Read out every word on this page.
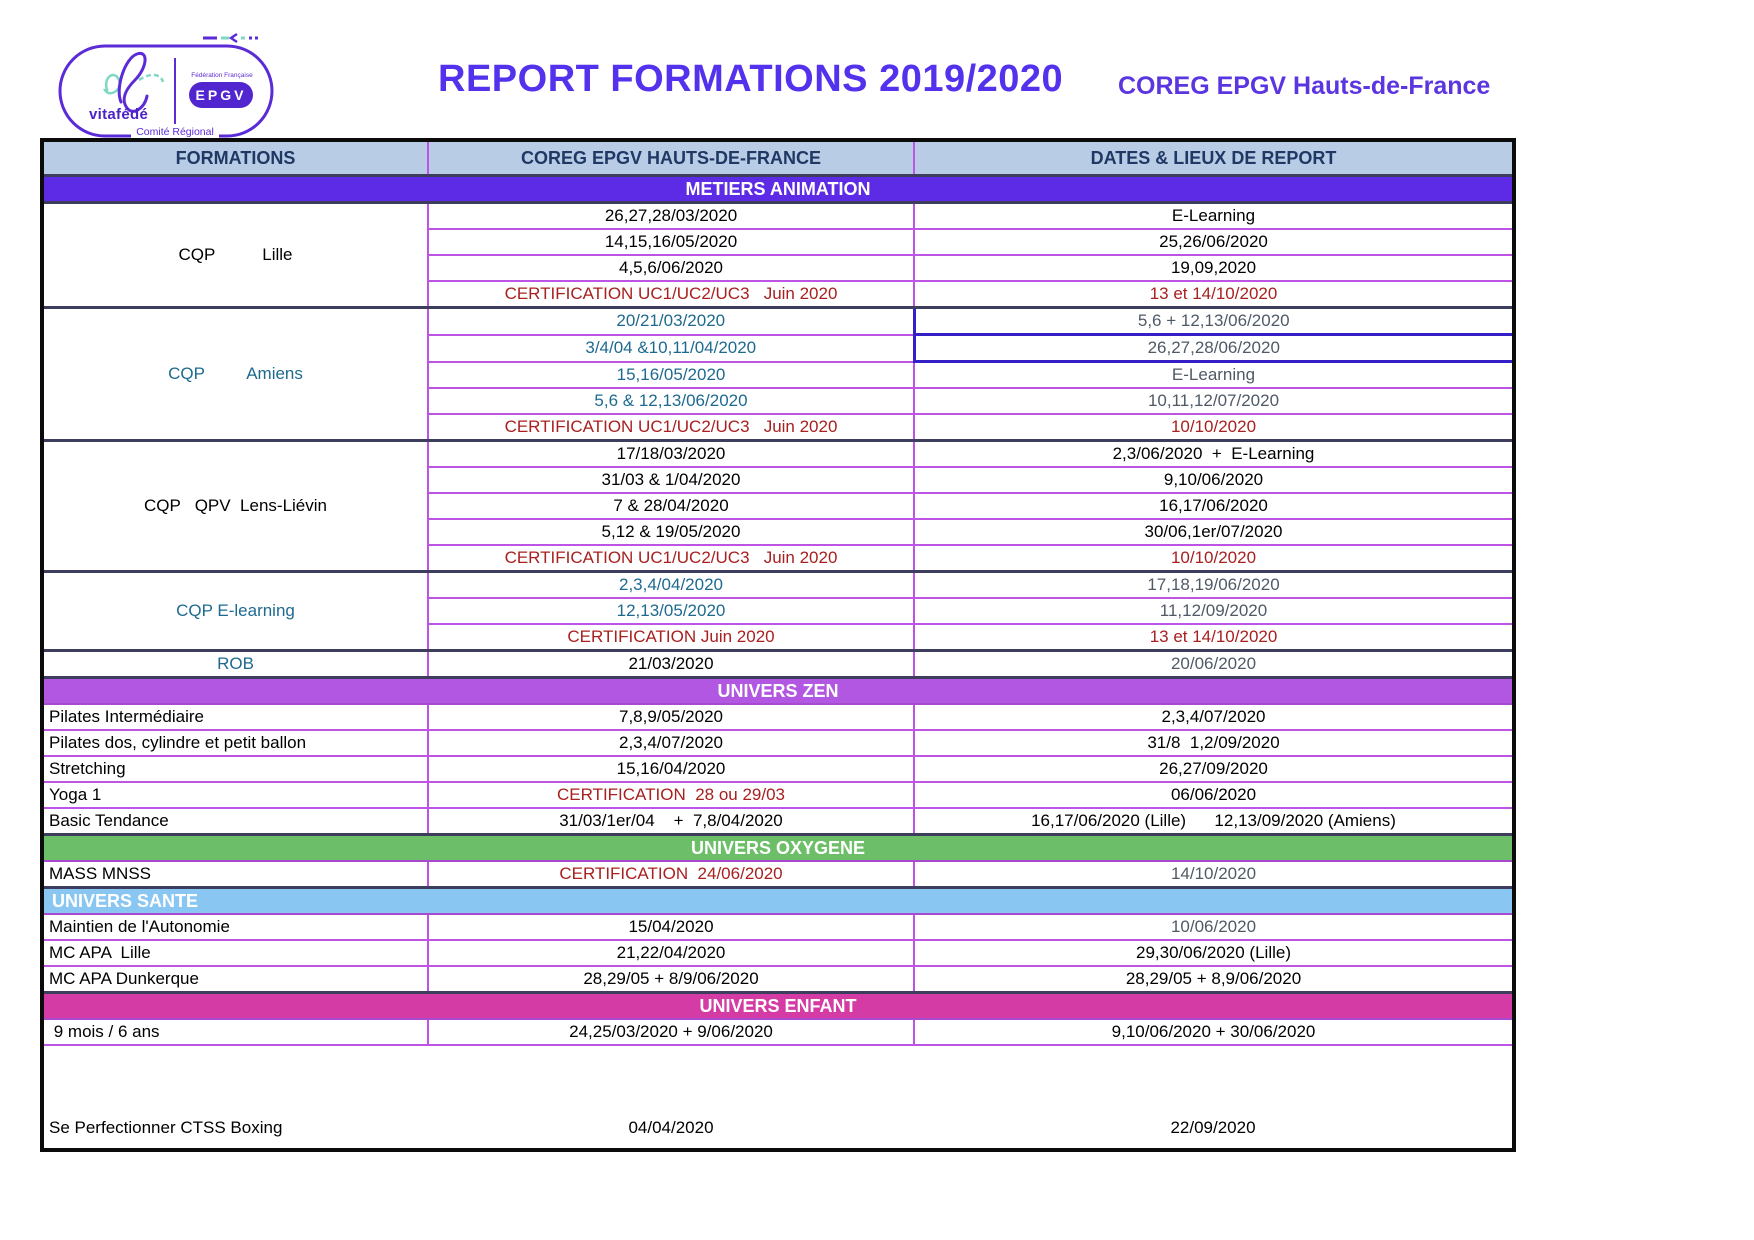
vitafédé
Fédération Française
EPGV
Comité Régional
REPORT FORMATIONS 2019/2020 COREG EPGV Hauts-de-France
FORMATIONS	COREG EPGV HAUTS-DE-FRANCE	DATES & LIEUX DE REPORT
METIERS ANIMATION		
CQP          Lille	26,27,28/03/2020	E-Learning
	14,15,16/05/2020	25,26/06/2020
	4,5,6/06/2020	19,09,2020
	CERTIFICATION UC1/UC2/UC3   Juin 2020	13 et 14/10/2020
CQP         Amiens	20/21/03/2020	5,6 + 12,13/06/2020
	3/4/04 &10,11/04/2020	26,27,28/06/2020
	15,16/05/2020	E-Learning
	5,6 & 12,13/06/2020	10,11,12/07/2020
	CERTIFICATION UC1/UC2/UC3   Juin 2020	10/10/2020
CQP   QPV  Lens-Liévin	17/18/03/2020	2,3/06/2020  +  E-Learning
	31/03 & 1/04/2020	9,10/06/2020
	7 & 28/04/2020	16,17/06/2020
	5,12 & 19/05/2020	30/06,1er/07/2020
	CERTIFICATION UC1/UC2/UC3   Juin 2020	10/10/2020
CQP E-learning	2,3,4/04/2020	17,18,19/06/2020
	12,13/05/2020	11,12/09/2020
	CERTIFICATION Juin 2020	13 et 14/10/2020
ROB	21/03/2020	20/06/2020
UNIVERS ZEN		
Pilates Intermédiaire	7,8,9/05/2020	2,3,4/07/2020
Pilates dos, cylindre et petit ballon	2,3,4/07/2020	31/8  1,2/09/2020
Stretching	15,16/04/2020	26,27/09/2020
Yoga 1	CERTIFICATION  28 ou 29/03	06/06/2020
Basic Tendance	31/03/1er/04    +  7,8/04/2020	16,17/06/2020 (Lille)      12,13/09/2020 (Amiens)
UNIVERS OXYGENE		
MASS MNSS	CERTIFICATION  24/06/2020	14/10/2020
UNIVERS SANTE		
Maintien de l'Autonomie	15/04/2020	10/06/2020
MC APA  Lille	21,22/04/2020	29,30/06/2020 (Lille)
MC APA Dunkerque	28,29/05 + 8/9/06/2020	28,29/05 + 8,9/06/2020
UNIVERS ENFANT		
9 mois / 6 ans	24,25/03/2020 + 9/06/2020	9,10/06/2020 + 30/06/2020
Se Perfectionner CTSS Boxing	04/04/2020	22/09/2020
